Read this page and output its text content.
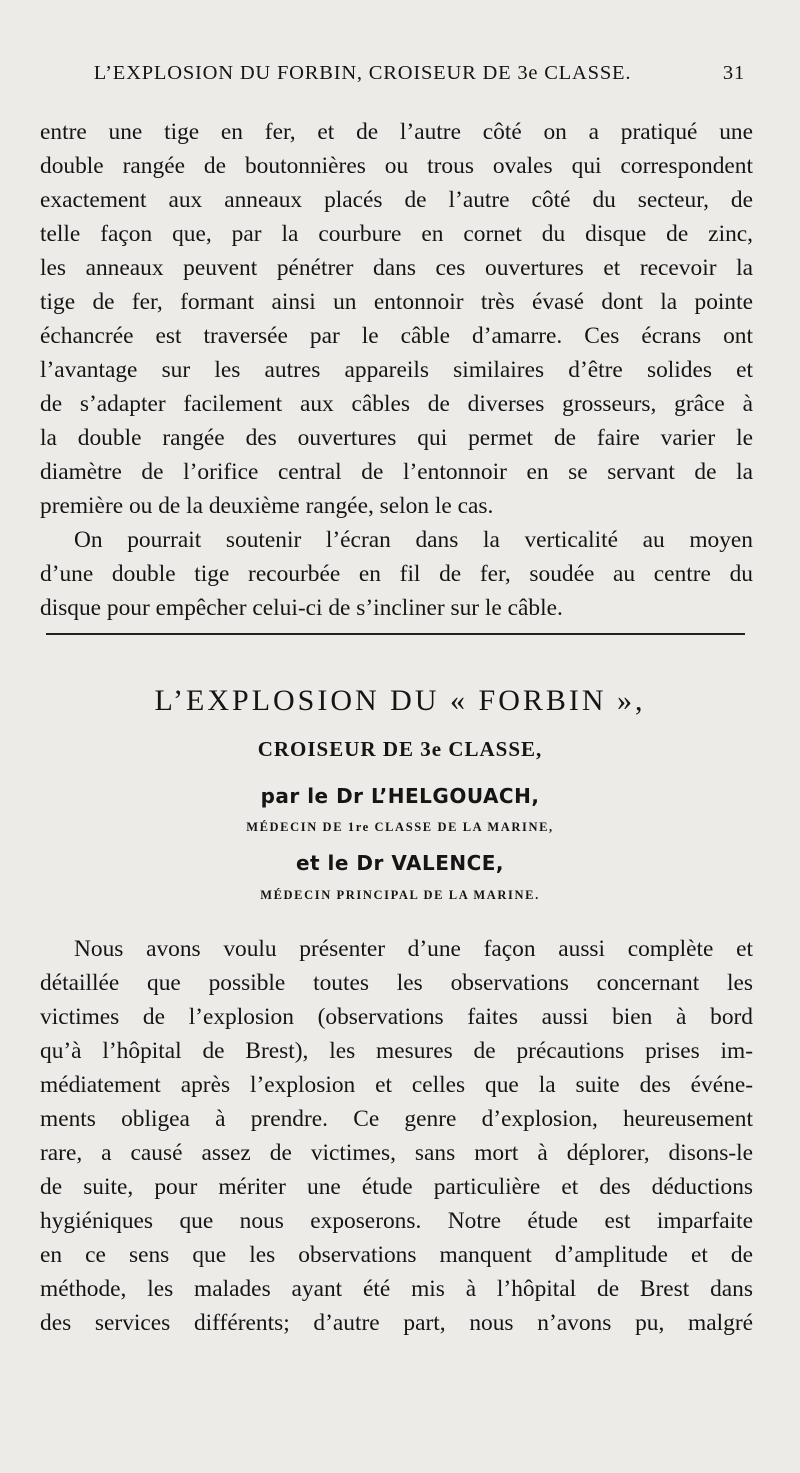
L’EXPLOSION DU FORBIN, CROISEUR DE 3e CLASSE.	31
entre une tige en fer, et de l’autre côté on a pratiqué une
double rangée de boutonnières ou trous ovales qui correspondent
exactement aux anneaux placés de l’autre côté du secteur, de
telle façon que, par la courbure en cornet du disque de zinc,
les anneaux peuvent pénétrer dans ces ouvertures et recevoir la
tige de fer, formant ainsi un entonnoir très évasé dont la pointe
échancrée est traversée par le câble d’amarre. Ces écrans ont
l’avantage sur les autres appareils similaires d’être solides et
de s’adapter facilement aux câbles de diverses grosseurs, grâce à
la double rangée des ouvertures qui permet de faire varier le
diamètre de l’orifice central de l’entonnoir en se servant de la
première ou de la deuxième rangée, selon le cas.
On pourrait soutenir l’écran dans la verticalité au moyen
d’une double tige recourbée en fil de fer, soudée au centre du
disque pour empêcher celui-ci de s’incliner sur le câble.
L’EXPLOSION DU « FORBIN »,
CROISEUR DE 3e CLASSE,
par le Dr L’HELGOUACH,
MÉDECIN DE 1re CLASSE DE LA MARINE,
et le Dr VALENCE,
MÉDECIN PRINCIPAL DE LA MARINE.
Nous avons voulu présenter d’une façon aussi complète et
détaillée que possible toutes les observations concernant les
victimes de l’explosion (observations faites aussi bien à bord
qu’à l’hôpital de Brest), les mesures de précautions prises im-
médiatement après l’explosion et celles que la suite des événe-
ments obligea à prendre. Ce genre d’explosion, heureusement
rare, a causé assez de victimes, sans mort à déplorer, disons-le
de suite, pour mériter une étude particulière et des déductions
hygiéniques que nous exposerons. Notre étude est imparfaite
en ce sens que les observations manquent d’amplitude et de
méthode, les malades ayant été mis à l’hôpital de Brest dans
des services différents; d’autre part, nous n’avons pu, malgré
